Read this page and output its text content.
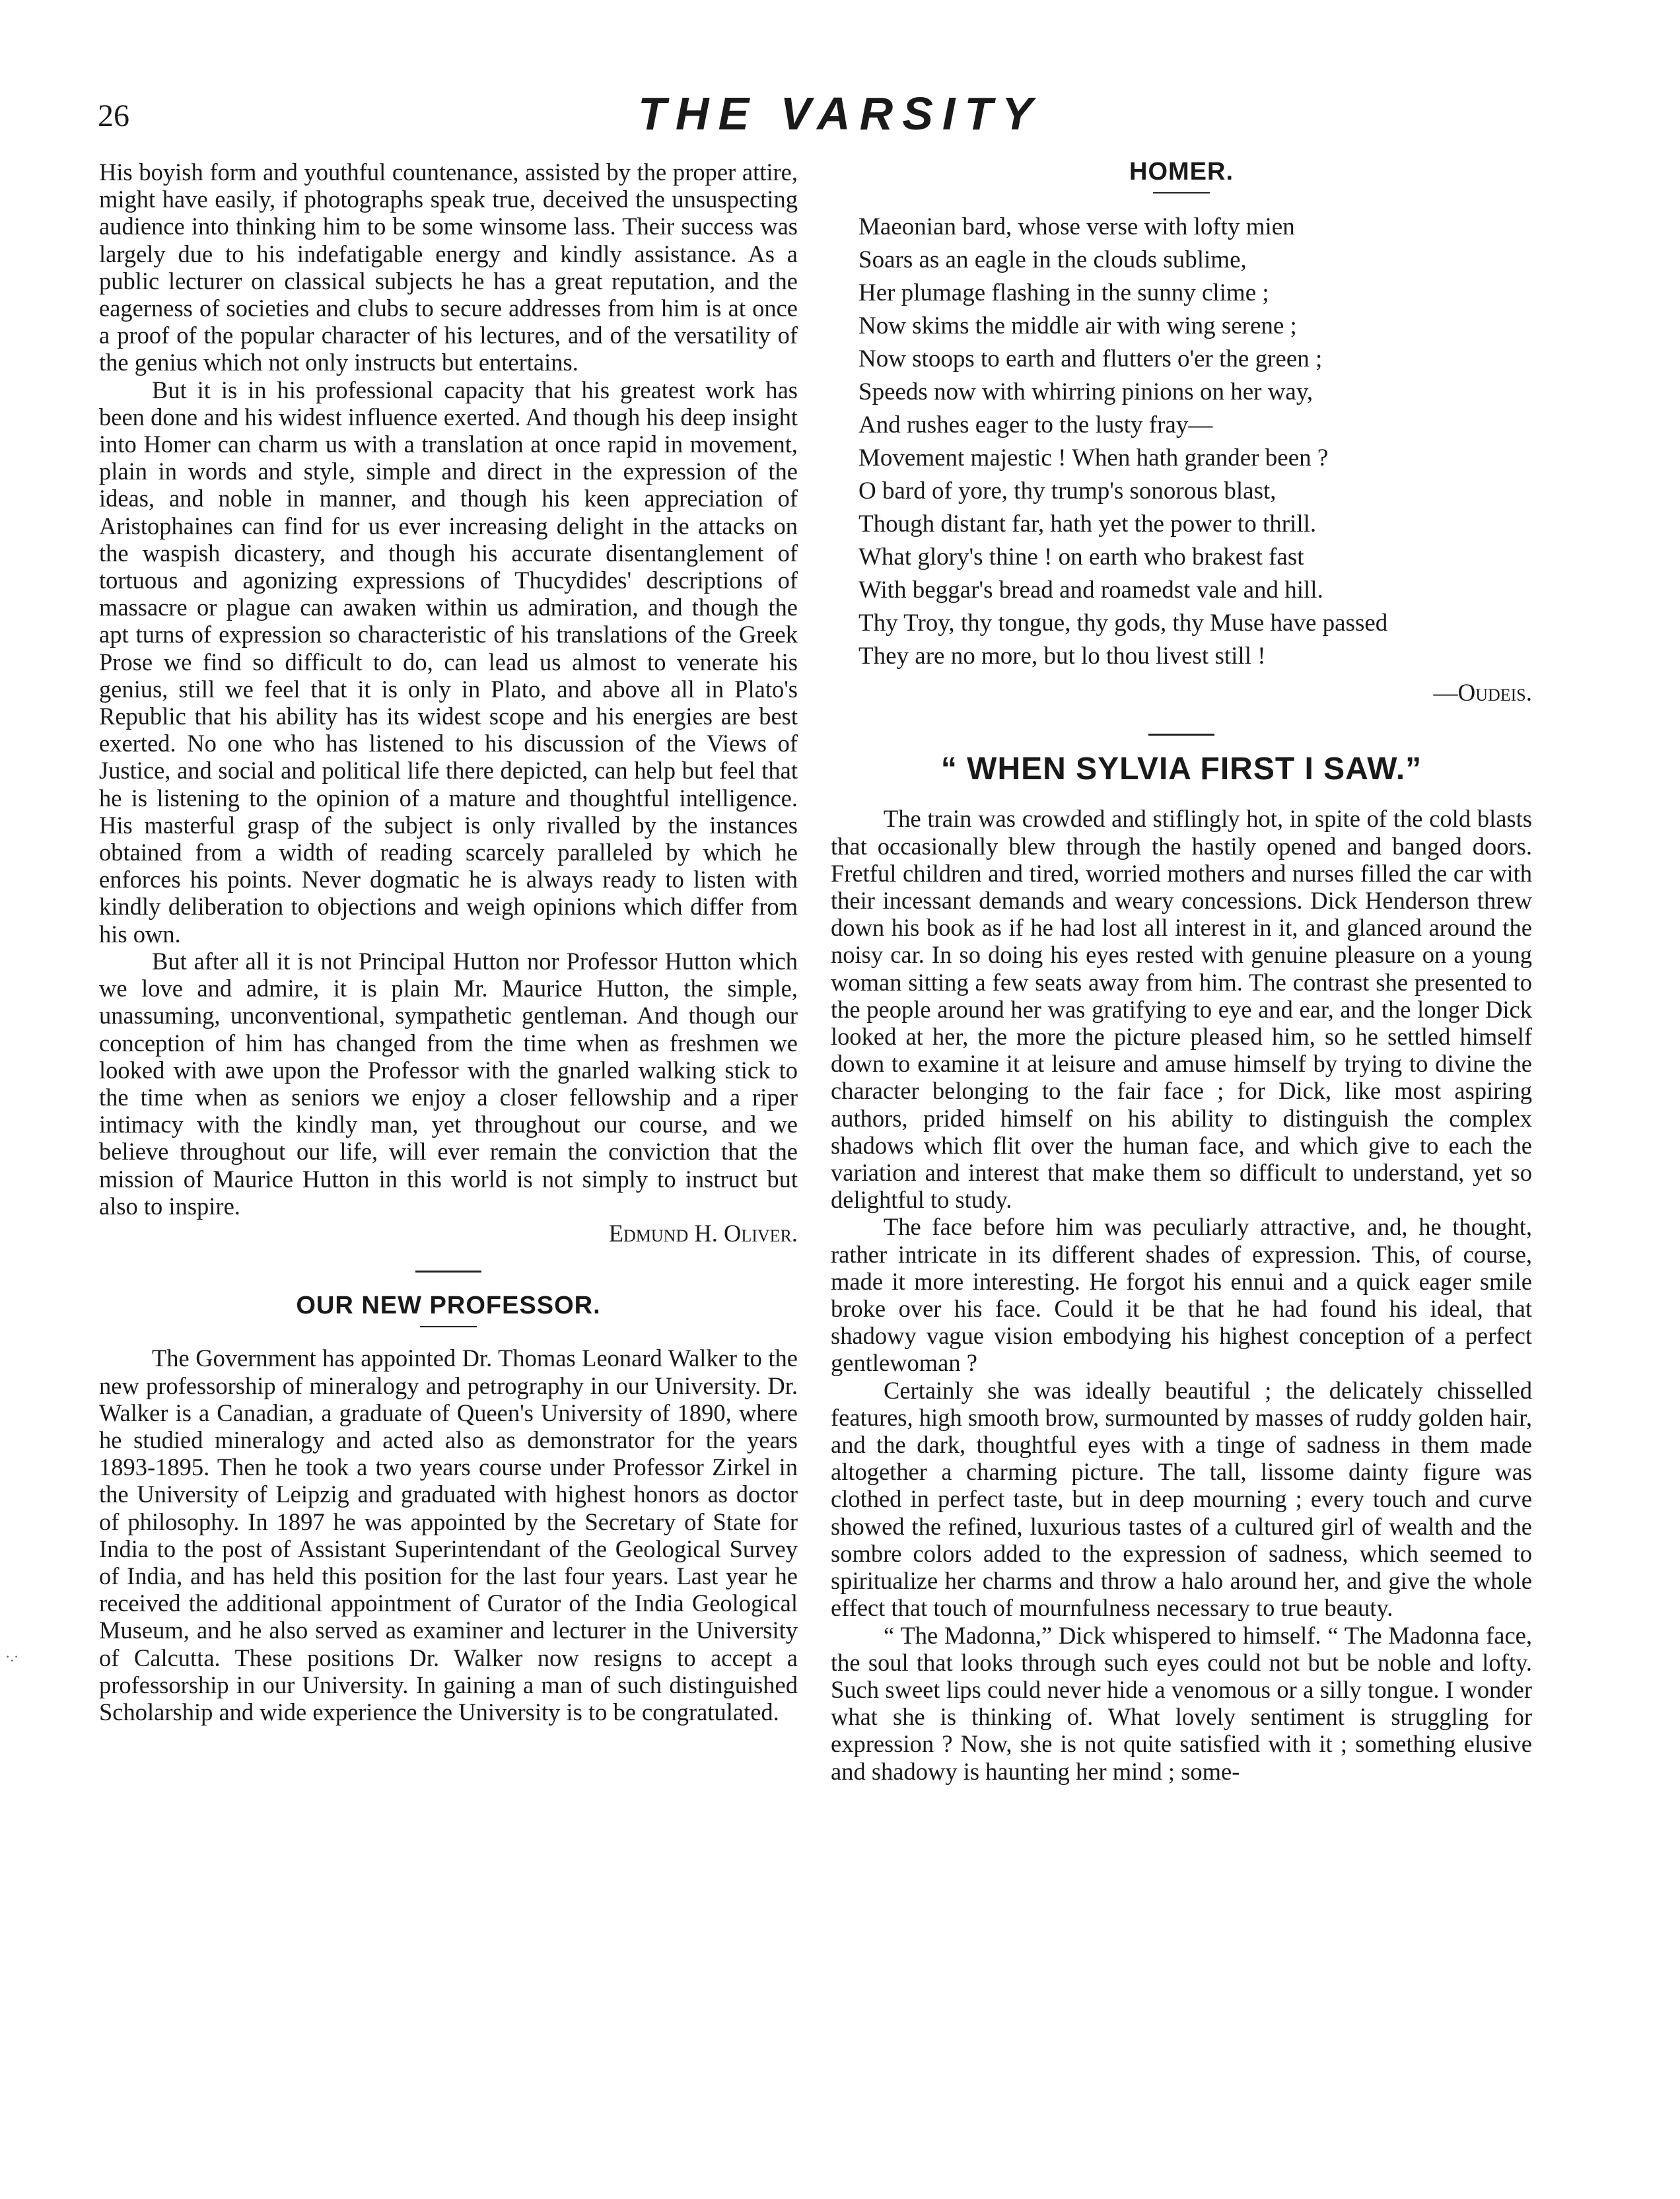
26	THE VARSITY

His boyish form and youthful countenance, assisted by the proper attire, might have easily, if photographs speak true, deceived the unsuspecting audience into thinking him to be some winsome lass. Their success was largely due to his indefatigable energy and kindly assistance. As a public lecturer on classical subjects he has a great reputation, and the eagerness of societies and clubs to secure addresses from him is at once a proof of the popular character of his lectures, and of the versatility of the genius which not only instructs but entertains.

But it is in his professional capacity that his greatest work has been done and his widest influence exerted. And though his deep insight into Homer can charm us with a translation at once rapid in movement, plain in words and style, simple and direct in the expression of the ideas, and noble in manner, and though his keen appreciation of Aristophaines can find for us ever increasing delight in the attacks on the waspish dicastery, and though his accurate disentanglement of tortuous and agonizing expressions of Thucydides' descriptions of massacre or plague can awaken within us admiration, and though the apt turns of expression so characteristic of his translations of the Greek Prose we find so difficult to do, can lead us almost to venerate his genius, still we feel that it is only in Plato, and above all in Plato's Republic that his ability has its widest scope and his energies are best exerted. No one who has listened to his discussion of the Views of Justice, and social and political life there depicted, can help but feel that he is listening to the opinion of a mature and thoughtful intelligence. His masterful grasp of the subject is only rivalled by the instances obtained from a width of reading scarcely paralleled by which he enforces his points. Never dogmatic he is always ready to listen with kindly deliberation to objections and weigh opinions which differ from his own.

But after all it is not Principal Hutton nor Professor Hutton which we love and admire, it is plain Mr. Maurice Hutton, the simple, unassuming, unconventional, sympathetic gentleman. And though our conception of him has changed from the time when as freshmen we looked with awe upon the Professor with the gnarled walking stick to the time when as seniors we enjoy a closer fellowship and a riper intimacy with the kindly man, yet throughout our course, and we believe throughout our life, will ever remain the conviction that the mission of Maurice Hutton in this world is not simply to instruct but also to inspire.

Edmund H. Oliver.

OUR NEW PROFESSOR.

The Government has appointed Dr. Thomas Leonard Walker to the new professorship of mineralogy and petrography in our University. Dr. Walker is a Canadian, a graduate of Queen's University of 1890, where he studied mineralogy and acted also as demonstrator for the years 1893-1895. Then he took a two years course under Professor Zirkel in the University of Leipzig and graduated with highest honors as doctor of philosophy. In 1897 he was appointed by the Secretary of State for India to the post of Assistant Superintendant of the Geological Survey of India, and has held this position for the last four years. Last year he received the additional appointment of Curator of the India Geological Museum, and he also served as examiner and lecturer in the University of Calcutta. These positions Dr. Walker now resigns to accept a professorship in our University. In gaining a man of such distinguished Scholarship and wide experience the University is to be congratulated.

HOMER.
Maeonian bard, whose verse with lofty mien
Soars as an eagle in the clouds sublime,
Her plumage flashing in the sunny clime ;
Now skims the middle air with wing serene ;
Now stoops to earth and flutters o'er the green ;
Speeds now with whirring pinions on her way,
And rushes eager to the lusty fray—
Movement majestic ! When hath grander been ?
O bard of yore, thy trump's sonorous blast,
Though distant far, hath yet the power to thrill.
What glory's thine ! on earth who brakest fast
With beggar's bread and roamedst vale and hill.
Thy Troy, thy tongue, thy gods, thy Muse have passed
They are no more, but lo thou livest still !
—Oudeis.
“ WHEN SYLVIA FIRST I SAW.”

The train was crowded and stiflingly hot, in spite of the cold blasts that occasionally blew through the hastily opened and banged doors. Fretful children and tired, worried mothers and nurses filled the car with their incessant demands and weary concessions. Dick Henderson threw down his book as if he had lost all interest in it, and glanced around the noisy car. In so doing his eyes rested with genuine pleasure on a young woman sitting a few seats away from him. The contrast she presented to the people around her was gratifying to eye and ear, and the longer Dick looked at her, the more the picture pleased him, so he settled himself down to examine it at leisure and amuse himself by trying to divine the character belonging to the fair face ; for Dick, like most aspiring authors, prided himself on his ability to distinguish the complex shadows which flit over the human face, and which give to each the variation and interest that make them so difficult to understand, yet so delightful to study.

The face before him was peculiarly attractive, and, he thought, rather intricate in its different shades of expression. This, of course, made it more interesting. He forgot his ennui and a quick eager smile broke over his face. Could it be that he had found his ideal, that shadowy vague vision embodying his highest conception of a perfect gentlewoman ?

Certainly she was ideally beautiful ; the delicately chisselled features, high smooth brow, surmounted by masses of ruddy golden hair, and the dark, thoughtful eyes with a tinge of sadness in them made altogether a charming picture. The tall, lissome dainty figure was clothed in perfect taste, but in deep mourning ; every touch and curve showed the refined, luxurious tastes of a cultured girl of wealth and the sombre colors added to the expression of sadness, which seemed to spiritualize her charms and throw a halo around her, and give the whole effect that touch of mournfulness necessary to true beauty.

“ The Madonna,” Dick whispered to himself. “ The Madonna face, the soul that looks through such eyes could not but be noble and lofty. Such sweet lips could never hide a venomous or a silly tongue. I wonder what she is thinking of. What lovely sentiment is struggling for expression ? Now, she is not quite satisfied with it ; something elusive and shadowy is haunting her mind ; some-

·.·
